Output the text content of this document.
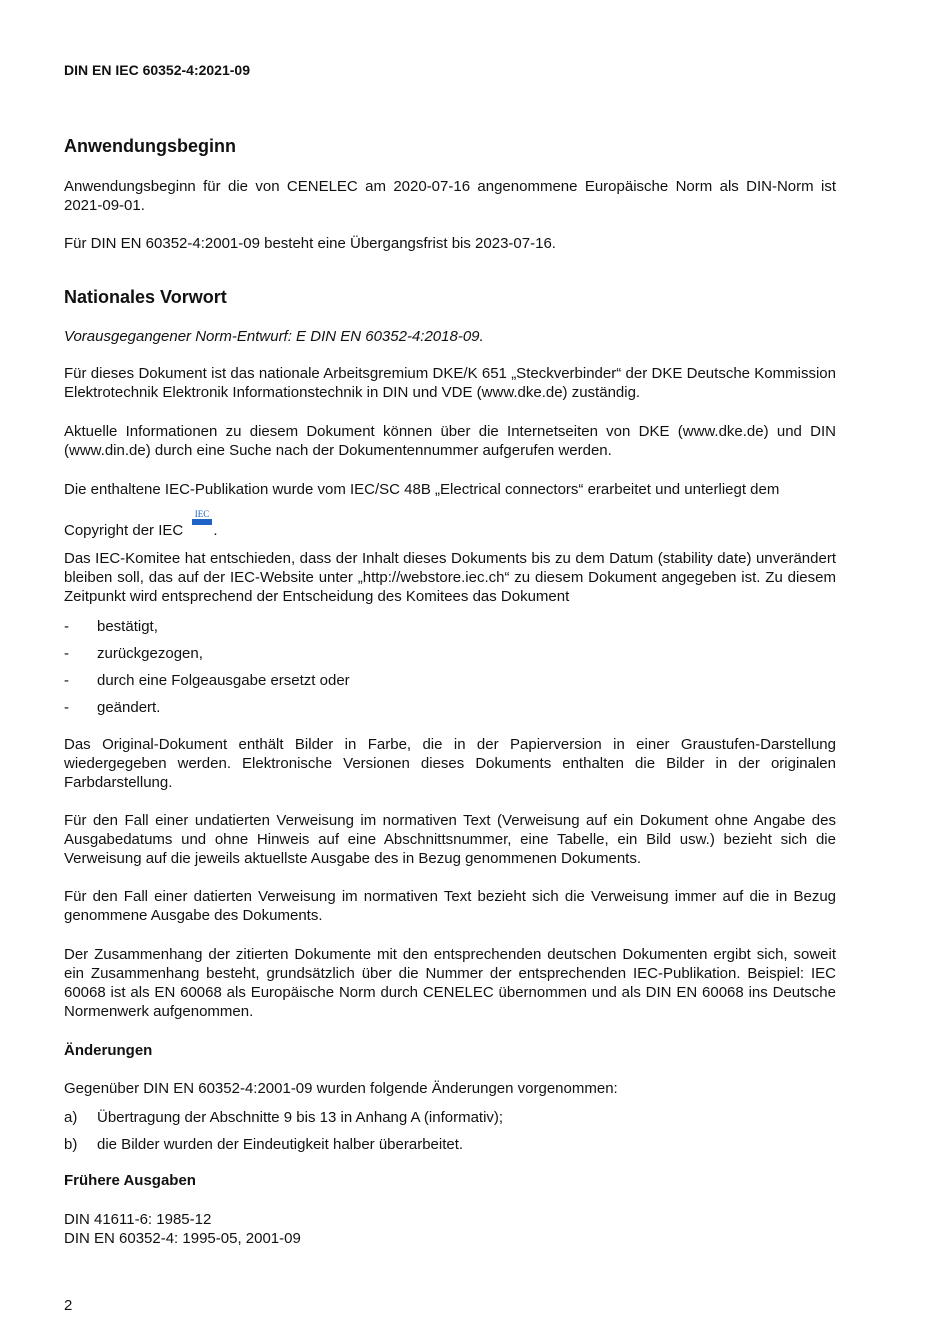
DIN EN IEC 60352-4:2021-09
Anwendungsbeginn

Anwendungsbeginn für die von CENELEC am 2020-07-16 angenommene Europäische Norm als DIN-Norm ist 2021-09-01.

Für DIN EN 60352-4:2001-09 besteht eine Übergangsfrist bis 2023-07-16.

Nationales Vorwort

Vorausgegangener Norm-Entwurf: E DIN EN 60352-4:2018-09.

Für dieses Dokument ist das nationale Arbeitsgremium DKE/K 651 „Steckverbinder“ der DKE Deutsche Kommission Elektrotechnik Elektronik Informationstechnik in DIN und VDE (www.dke.de) zuständig.

Aktuelle Informationen zu diesem Dokument können über die Internetseiten von DKE (www.dke.de) und DIN (www.din.de) durch eine Suche nach der Dokumentennummer aufgerufen werden.

Die enthaltene IEC-Publikation wurde vom IEC/SC 48B „Electrical connectors“ erarbeitet und unterliegt dem

Copyright der IEC
IEC
.

Das IEC-Komitee hat entschieden, dass der Inhalt dieses Dokuments bis zu dem Datum (stability date) unverändert bleiben soll, das auf der IEC-Website unter „http://webstore.iec.ch“ zu diesem Dokument angegeben ist. Zu diesem Zeitpunkt wird entsprechend der Entscheidung des Komitees das Dokument

- bestätigt,
- zurückgezogen,
- durch eine Folgeausgabe ersetzt oder
- geändert.

Das Original-Dokument enthält Bilder in Farbe, die in der Papierversion in einer Graustufen-Darstellung wiedergegeben werden. Elektronische Versionen dieses Dokuments enthalten die Bilder in der originalen Farbdarstellung.

Für den Fall einer undatierten Verweisung im normativen Text (Verweisung auf ein Dokument ohne Angabe des Ausgabedatums und ohne Hinweis auf eine Abschnittsnummer, eine Tabelle, ein Bild usw.) bezieht sich die Verweisung auf die jeweils aktuellste Ausgabe des in Bezug genommenen Dokuments.

Für den Fall einer datierten Verweisung im normativen Text bezieht sich die Verweisung immer auf die in Bezug genommene Ausgabe des Dokuments.

Der Zusammenhang der zitierten Dokumente mit den entsprechenden deutschen Dokumenten ergibt sich, soweit ein Zusammenhang besteht, grundsätzlich über die Nummer der entsprechenden IEC-Publikation. Beispiel: IEC 60068 ist als EN 60068 als Europäische Norm durch CENELEC übernommen und als DIN EN 60068 ins Deutsche Normenwerk aufgenommen.

Änderungen

Gegenüber DIN EN 60352-4:2001-09 wurden folgende Änderungen vorgenommen:

a) Übertragung der Abschnitte 9 bis 13 in Anhang A (informativ);
b) die Bilder wurden der Eindeutigkeit halber überarbeitet.
Frühere Ausgaben

DIN 41611-6: 1985-12

DIN EN 60352-4: 1995-05, 2001-09

2
